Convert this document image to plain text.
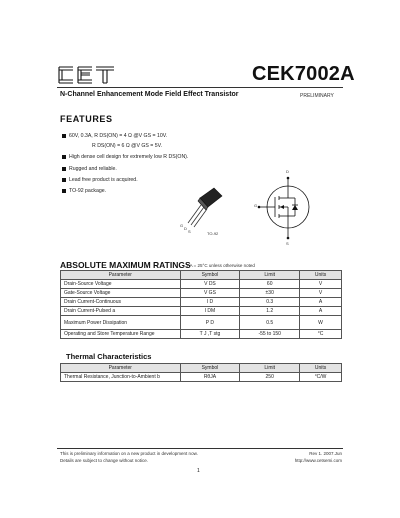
CEK7002A
N-Channel Enhancement Mode Field Effect Transistor	PRELIMINARY
FEATURES
60V, 0.3A, R DS(ON) = 4 Ω @V GS = 10V.
R DS(ON) = 6 Ω @V GS = 5V.
High dense cell design for extremely low R DS(ON).
Rugged and reliable.
Lead free product is acquired.
TO-92 package.
G
D
S	TO-92
D
G
S
ABSOLUTE MAXIMUM RATINGS
T A = 25°C unless otherwise noted
Parameter	Symbol	Limit	Units
Drain-Source Voltage	V DS	60	V
Gate-Source Voltage	V GS	±30	V
Drain Current-Continuous	I D	0.3	A
Drain Current-Pulsed a	I DM	1.2	A
Maximum Power Dissipation	P D	0.5	W
Operating and Store Temperature Range	T J ,T stg	-55 to 150	°C
Thermal Characteristics
Parameter	Symbol	Limit	Units
Thermal Resistance, Junction-to-Ambient b	RθJA	250	°C/W
This is preliminary information on a new product in development now.
Details are subject to change without notice.
Rev 1. 2007.Jun
http://www.cetsemi.com
1
